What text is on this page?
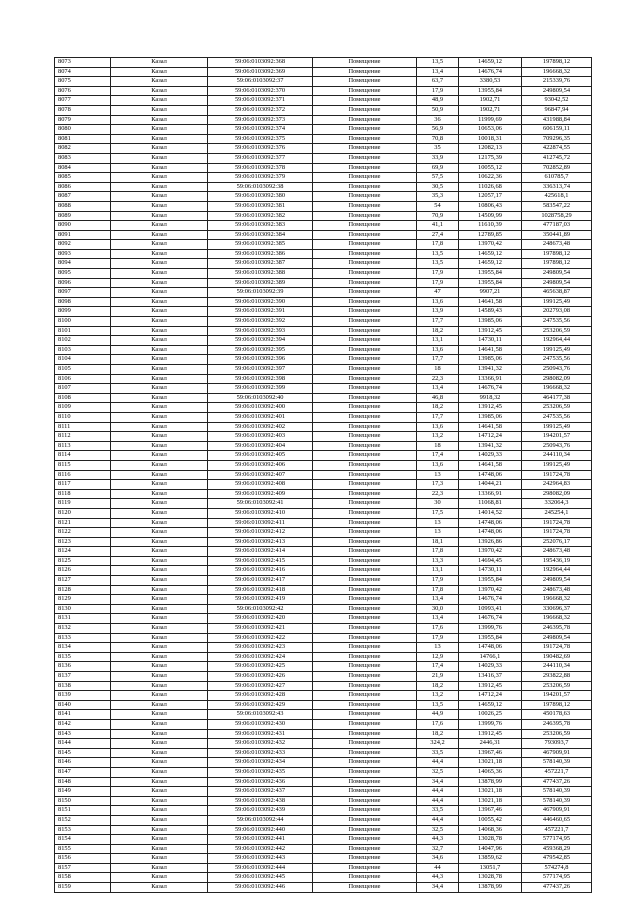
8073	Казал	59:06:0103092:368	Помещение	13,5	14659,12	197898,12
8074	Казал	59:06:0103092:369	Помещение	13,4	14676,74	196668,32
8075	Казал	59:06:0103092:37	Помещение	63,7	3380,53	215339,76
8076	Казал	59:06:0103092:370	Помещение	17,9	13955,84	249809,54
8077	Казал	59:06:0103092:371	Помещение	48,9	1902,71	93042,52
8078	Казал	59:06:0103092:372	Помещение	50,9	1902,71	96847,94
8079	Казал	59:06:0103092:373	Помещение	36	11999,69	431988,84
8080	Казал	59:06:0103092:374	Помещение	56,9	10653,06	606159,11
8081	Казал	59:06:0103092:375	Помещение	70,8	10018,31	709296,35
8082	Казал	59:06:0103092:376	Помещение	35	12082,13	422874,55
8083	Казал	59:06:0103092:377	Помещение	33,9	12175,39	412745,72
8084	Казал	59:06:0103092:378	Помещение	69,9	10055,12	702852,89
8085	Казал	59:06:0103092:379	Помещение	57,5	10622,36	610785,7
8086	Казал	59:06:0103092:38	Помещение	30,5	11026,68	336313,74
8087	Казал	59:06:0103092:380	Помещение	35,3	12057,17	425618,1
8088	Казал	59:06:0103092:381	Помещение	54	10806,43	583547,22
8089	Казал	59:06:0103092:382	Помещение	70,9	14509,99	1028758,29
8090	Казал	59:06:0103092:383	Помещение	41,1	11610,39	477187,03
8091	Казал	59:06:0103092:384	Помещение	27,4	12789,85	350441,89
8092	Казал	59:06:0103092:385	Помещение	17,8	13970,42	248673,48
8093	Казал	59:06:0103092:386	Помещение	13,5	14659,12	197898,12
8094	Казал	59:06:0103092:387	Помещение	13,5	14659,12	197898,12
8095	Казал	59:06:0103092:388	Помещение	17,9	13955,84	249809,54
8096	Казал	59:06:0103092:389	Помещение	17,9	13955,84	249809,54
8097	Казал	59:06:0103092:39	Помещение	47	9907,21	465638,87
8098	Казал	59:06:0103092:390	Помещение	13,6	14641,58	199125,49
8099	Казал	59:06:0103092:391	Помещение	13,9	14589,43	202793,08
8100	Казал	59:06:0103092:392	Помещение	17,7	13985,06	247535,56
8101	Казал	59:06:0103092:393	Помещение	18,2	13912,45	253206,59
8102	Казал	59:06:0103092:394	Помещение	13,1	14730,11	192964,44
8103	Казал	59:06:0103092:395	Помещение	13,6	14641,58	199125,49
8104	Казал	59:06:0103092:396	Помещение	17,7	13985,06	247535,56
8105	Казал	59:06:0103092:397	Помещение	18	13941,32	250943,76
8106	Казал	59:06:0103092:398	Помещение	22,3	13366,91	298082,09
8107	Казал	59:06:0103092:399	Помещение	13,4	14676,74	196668,32
8108	Казал	59:06:0103092:40	Помещение	46,8	9918,32	464177,38
8109	Казал	59:06:0103092:400	Помещение	18,2	13912,45	253206,59
8110	Казал	59:06:0103092:401	Помещение	17,7	13985,06	247535,56
8111	Казал	59:06:0103092:402	Помещение	13,6	14641,58	199125,49
8112	Казал	59:06:0103092:403	Помещение	13,2	14712,24	194201,57
8113	Казал	59:06:0103092:404	Помещение	18	13941,32	250943,76
8114	Казал	59:06:0103092:405	Помещение	17,4	14029,33	244110,34
8115	Казал	59:06:0103092:406	Помещение	13,6	14641,58	199125,49
8116	Казал	59:06:0103092:407	Помещение	13	14748,06	191724,78
8117	Казал	59:06:0103092:408	Помещение	17,3	14044,21	242964,83
8118	Казал	59:06:0103092:409	Помещение	22,3	13366,91	298082,09
8119	Казал	59:06:0103092:41	Помещение	30	11068,81	332064,3
8120	Казал	59:06:0103092:410	Помещение	17,5	14014,52	245254,1
8121	Казал	59:06:0103092:411	Помещение	13	14748,06	191724,78
8122	Казал	59:06:0103092:412	Помещение	13	14748,06	191724,78
8123	Казал	59:06:0103092:413	Помещение	18,1	13926,86	252076,17
8124	Казал	59:06:0103092:414	Помещение	17,8	13970,42	248673,48
8125	Казал	59:06:0103092:415	Помещение	13,3	14694,45	195436,19
8126	Казал	59:06:0103092:416	Помещение	13,1	14730,11	192964,44
8127	Казал	59:06:0103092:417	Помещение	17,9	13955,84	249809,54
8128	Казал	59:06:0103092:418	Помещение	17,8	13970,42	248673,48
8129	Казал	59:06:0103092:419	Помещение	13,4	14676,74	196668,32
8130	Казал	59:06:0103092:42	Помещение	30,0	10993,41	330696,37
8131	Казал	59:06:0103092:420	Помещение	13,4	14676,74	196668,32
8132	Казал	59:06:0103092:421	Помещение	17,6	13999,76	246395,78
8133	Казал	59:06:0103092:422	Помещение	17,9	13955,84	249809,54
8134	Казал	59:06:0103092:423	Помещение	13	14748,06	191724,78
8135	Казал	59:06:0103092:424	Помещение	12,9	14766,1	190482,69
8136	Казал	59:06:0103092:425	Помещение	17,4	14029,33	244110,34
8137	Казал	59:06:0103092:426	Помещение	21,9	13416,37	293822,88
8138	Казал	59:06:0103092:427	Помещение	18,2	13912,45	253206,59
8139	Казал	59:06:0103092:428	Помещение	13,2	14712,24	194201,57
8140	Казал	59:06:0103092:429	Помещение	13,5	14659,12	197898,12
8141	Казал	59:06:0103092:43	Помещение	44,9	10026,25	450178,63
8142	Казал	59:06:0103092:430	Помещение	17,6	13999,76	246395,78
8143	Казал	59:06:0103092:431	Помещение	18,2	13912,45	253206,59
8144	Казал	59:06:0103092:432	Помещение	324,2	2446,31	793093,7
8145	Казал	59:06:0103092:433	Помещение	33,5	13967,46	467909,91
8146	Казал	59:06:0103092:434	Помещение	44,4	13021,18	578140,39
8147	Казал	59:06:0103092:435	Помещение	32,5	14065,36	457221,7
8148	Казал	59:06:0103092:436	Помещение	34,4	13878,99	477437,26
8149	Казал	59:06:0103092:437	Помещение	44,4	13021,18	578140,39
8150	Казал	59:06:0103092:438	Помещение	44,4	13021,18	578140,39
8151	Казал	59:06:0103092:439	Помещение	33,5	13967,46	467909,91
8152	Казал	59:06:0103092:44	Помещение	44,4	10055,42	446460,65
8153	Казал	59:06:0103092:440	Помещение	32,5	14068,36	457221,7
8154	Казал	59:06:0103092:441	Помещение	44,3	13028,78	577174,95
8155	Казал	59:06:0103092:442	Помещение	32,7	14047,96	459368,29
8156	Казал	59:06:0103092:443	Помещение	34,6	13859,62	479542,85
8157	Казал	59:06:0103092:444	Помещение	44	13051,7	574274,8
8158	Казал	59:06:0103092:445	Помещение	44,3	13028,78	577174,95
8159	Казал	59:06:0103092:446	Помещение	34,4	13878,99	477437,26
